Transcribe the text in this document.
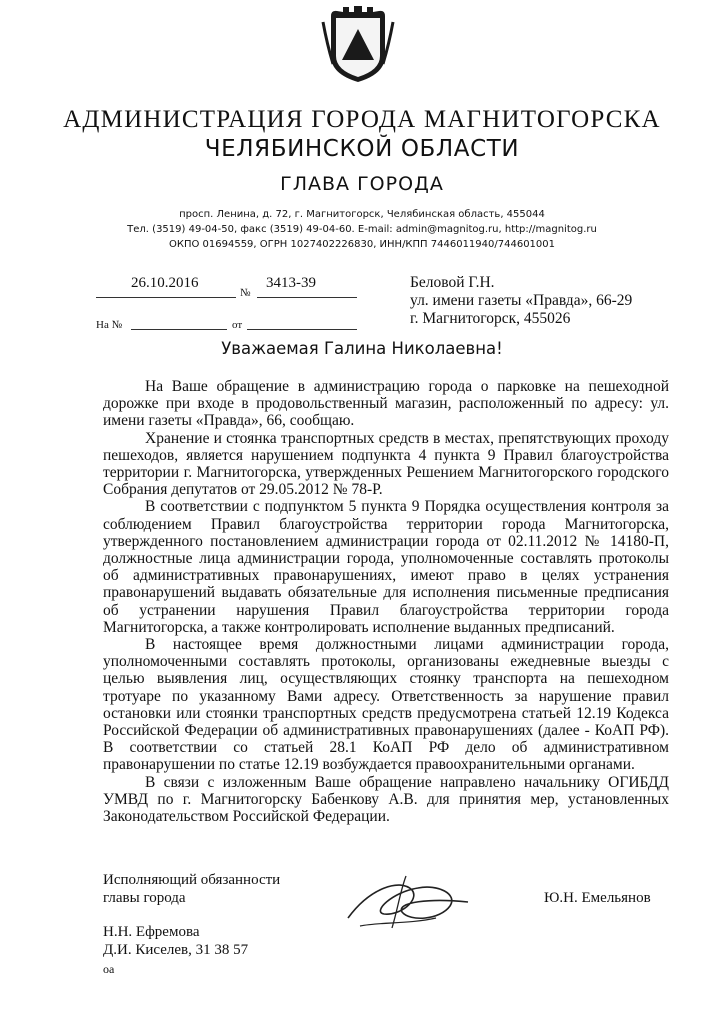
АДМИНИСТРАЦИЯ ГОРОДА МАГНИТОГОРСКА
ЧЕЛЯБИНСКОЙ ОБЛАСТИ
ГЛАВА ГОРОДА
просп. Ленина, д. 72, г. Магнитогорск, Челябинская область, 455044
Тел. (3519) 49-04-50, факс (3519) 49-04-60. E-mail: admin@magnitog.ru, http://magnitog.ru
ОКПО 01694559, ОГРН 1027402226830, ИНН/КПП 7446011940/744601001
26.10.2016	3413-39
№
На №	от
Беловой Г.Н.
ул. имени газеты «Правда», 66-29
г. Магнитогорск, 455026
Уважаемая Галина Николаевна!

На Ваше обращение в администрацию города о парковке на пешеходной дорожке при входе в продовольственный магазин, расположенный по адресу: ул. имени газеты «Правда», 66, сообщаю.

Хранение и стоянка транспортных средств в местах, препятствующих проходу пешеходов, является нарушением подпункта 4 пункта 9 Правил благоустройства территории г. Магнитогорска, утвержденных Решением Магнитогорского городского Собрания депутатов от 29.05.2012 № 78-Р.

В соответствии с подпунктом 5 пункта 9 Порядка осуществления контроля за соблюдением Правил благоустройства территории города Магнитогорска, утвержденного постановлением администрации города от 02.11.2012 № 14180-П, должностные лица администрации города, уполномоченные составлять протоколы об административных правонарушениях, имеют право в целях устранения правонарушений выдавать обязательные для исполнения письменные предписания об устранении нарушения Правил благоустройства территории города Магнитогорска, а также контролировать исполнение выданных предписаний.

В настоящее время должностными лицами администрации города, уполномоченными составлять протоколы, организованы ежедневные выезды с целью выявления лиц, осуществляющих стоянку транспорта на пешеходном тротуаре по указанному Вами адресу. Ответственность за нарушение правил остановки или стоянки транспортных средств предусмотрена статьей 12.19 Кодекса Российской Федерации об административных правонарушениях (далее - КоАП РФ). В соответствии со статьей 28.1 КоАП РФ дело об административном правонарушении по статье 12.19 возбуждается правоохранительными органами.

В связи с изложенным Ваше обращение направлено начальнику ОГИБДД УМВД по г. Магнитогорску Бабенкову А.В. для принятия мер, установленных Законодательством Российской Федерации.

Исполняющий обязанности
главы города	Ю.Н. Емельянов
Н.Н. Ефремова
Д.И. Киселев, 31 38 57
оа
